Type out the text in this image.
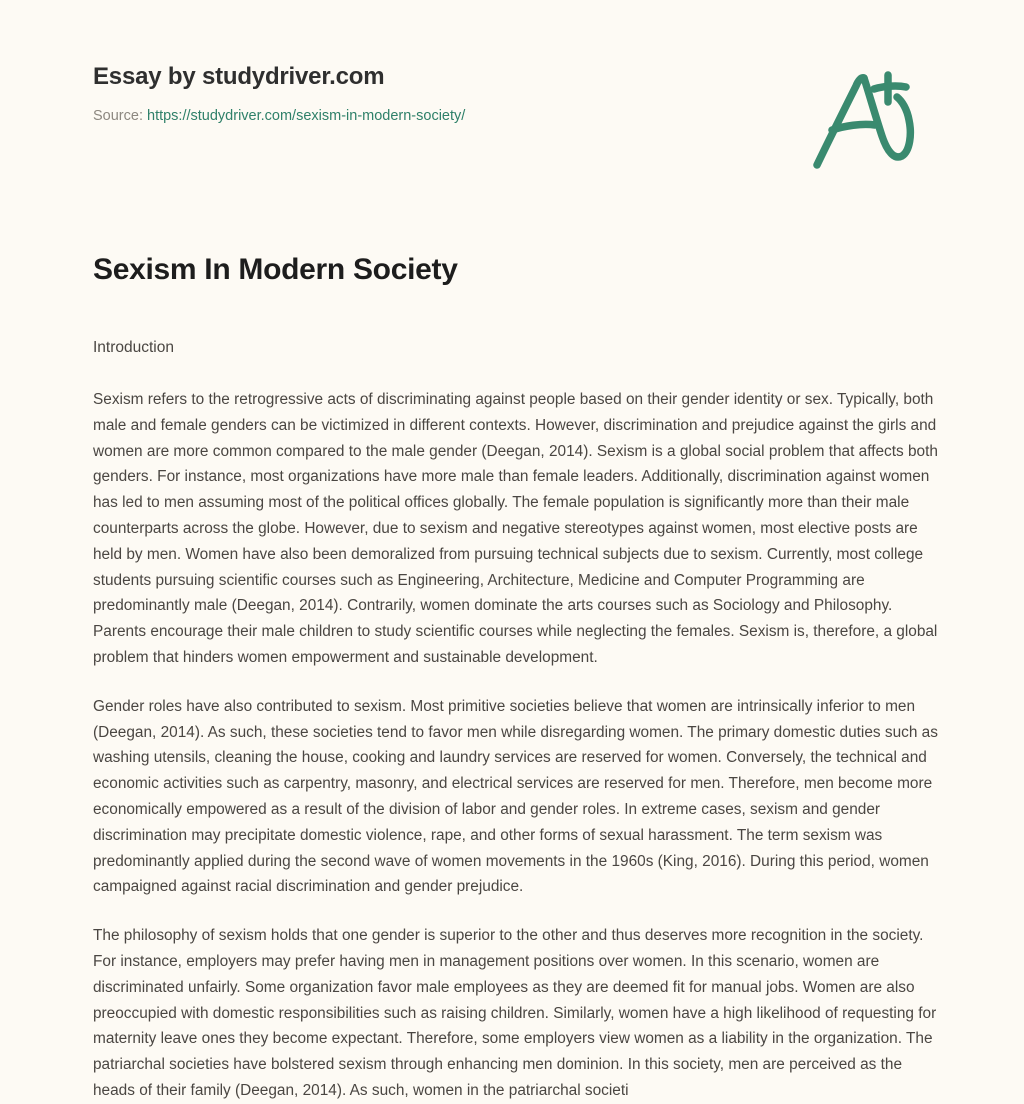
Essay by studydriver.com
Source: https://studydriver.com/sexism-in-modern-society/
Sexism In Modern Society
Introduction

Sexism refers to the retrogressive acts of discriminating against people based on their gender identity or sex. Typically, both male and female genders can be victimized in different contexts. However, discrimination and prejudice against the girls and women are more common compared to the male gender (Deegan, 2014). Sexism is a global social problem that affects both genders. For instance, most organizations have more male than female leaders. Additionally, discrimination against women has led to men assuming most of the political offices globally. The female population is significantly more than their male counterparts across the globe. However, due to sexism and negative stereotypes against women, most elective posts are held by men. Women have also been demoralized from pursuing technical subjects due to sexism. Currently, most college students pursuing scientific courses such as Engineering, Architecture, Medicine and Computer Programming are predominantly male (Deegan, 2014). Contrarily, women dominate the arts courses such as Sociology and Philosophy. Parents encourage their male children to study scientific courses while neglecting the females. Sexism is, therefore, a global problem that hinders women empowerment and sustainable development.

Gender roles have also contributed to sexism. Most primitive societies believe that women are intrinsically inferior to men (Deegan, 2014). As such, these societies tend to favor men while disregarding women. The primary domestic duties such as washing utensils, cleaning the house, cooking and laundry services are reserved for women. Conversely, the technical and economic activities such as carpentry, masonry, and electrical services are reserved for men. Therefore, men become more economically empowered as a result of the division of labor and gender roles. In extreme cases, sexism and gender discrimination may precipitate domestic violence, rape, and other forms of sexual harassment. The term sexism was predominantly applied during the second wave of women movements in the 1960s (King, 2016). During this period, women campaigned against racial discrimination and gender prejudice.

The philosophy of sexism holds that one gender is superior to the other and thus deserves more recognition in the society. For instance, employers may prefer having men in management positions over women. In this scenario, women are discriminated unfairly. Some organization favor male employees as they are deemed fit for manual jobs. Women are also preoccupied with domestic responsibilities such as raising children. Similarly, women have a high likelihood of requesting for maternity leave ones they become expectant. Therefore, some employers view women as a liability in the organization. The patriarchal societies have bolstered sexism through enhancing men dominion. In this society, men are perceived as the heads of their family (Deegan, 2014). As such, women in the patriarchal societi
